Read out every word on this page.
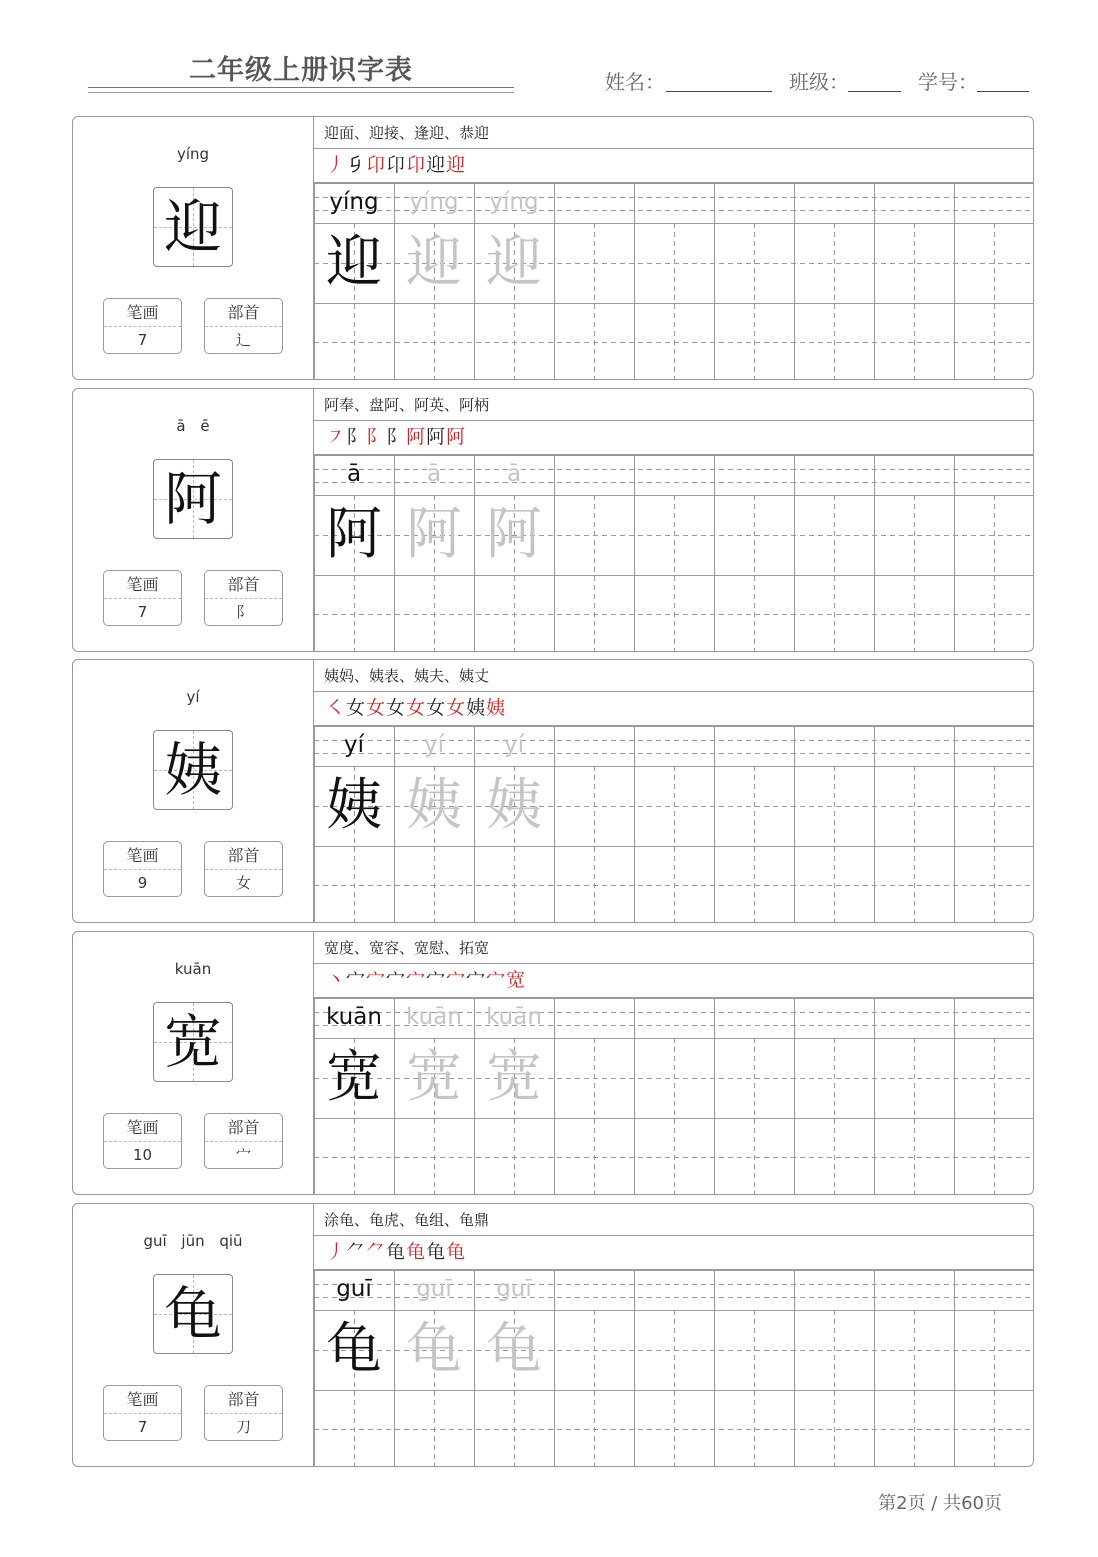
二年级上册识字表	姓名：	班级：	学号：
yíng
迎
笔画
7
部首
辶
迎面、迎接、逢迎、恭迎
丿𠂎卬卬卬迎迎
yíng	yíng	yíng
迎 迎 迎
ā ē
阿
笔画
7
部首
阝
阿奉、盘阿、阿英、阿柄
㇇阝阝阝阿阿阿
ā	ā	ā
阿 阿 阿
yí
姨
笔画
9
部首
女
姨妈、姨表、姨夫、姨丈
㇛女女女女女女姨姨
yí	yí	yí
姨 姨 姨
kuān
宽
笔画
10
部首
宀
宽度、宽容、宽慰、拓宽
丶宀宀宀宀宀宀宀宀宽
kuān	kuān	kuān
宽 宽 宽
guī jūn qiū
龟
笔画
7
部首
刀
涂龟、龟虎、龟组、龟鼎
丿⺈⺈龟龟龟龟
guī	guī	guī
龟 龟 龟
第2页 / 共60页
